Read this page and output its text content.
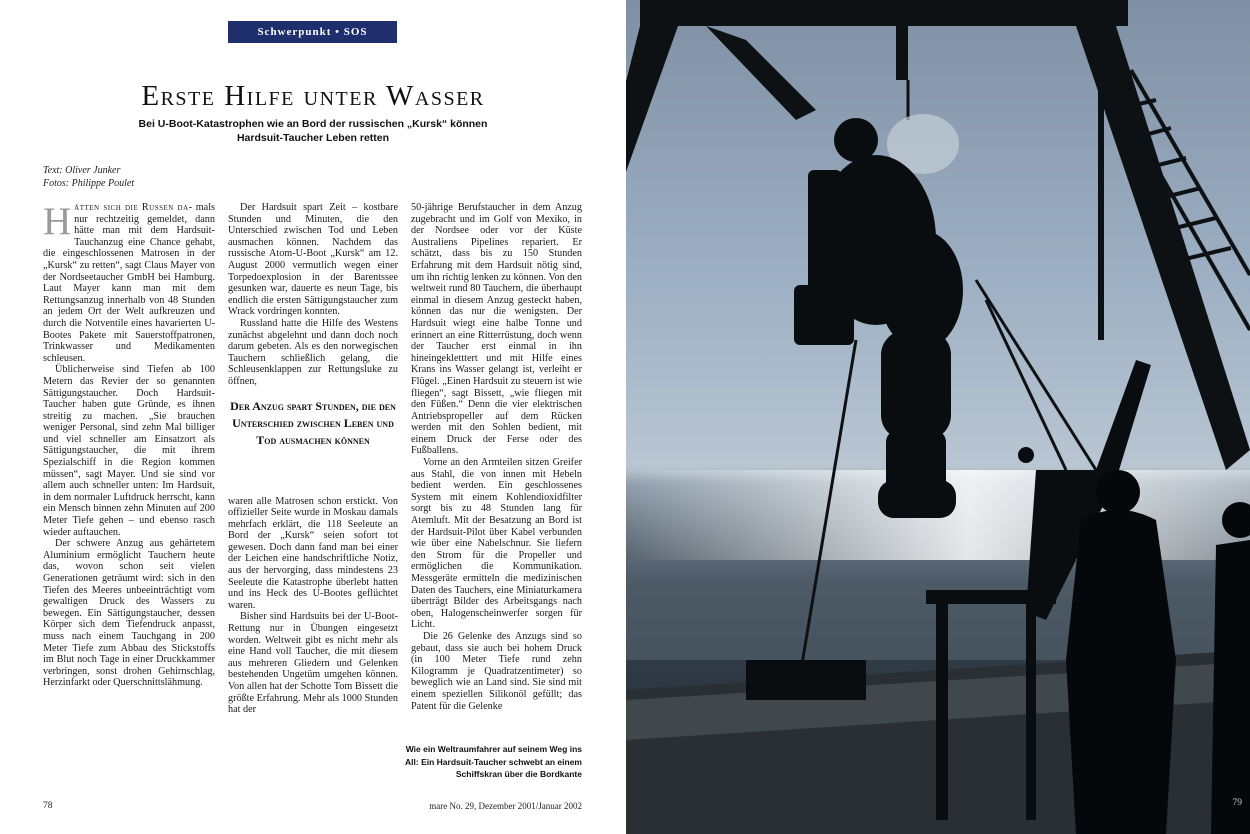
Schwerpunkt • SOS
Erste Hilfe unter Wasser

Bei U-Boot-Katastrophen wie an Bord der russischen „Kursk“ können Hardsuit-Taucher Leben retten

Text: Oliver Junker
Fotos: Philippe Poulet

Hätten sich die Russen da- mals nur rechtzeitig gemeldet, dann hätte man mit dem Hardsuit-Tauchanzug eine Chance gehabt, die eingeschlossenen Matrosen in der „Kursk“ zu retten“, sagt Claus Mayer von der Nordseetaucher GmbH bei Hamburg. Laut Mayer kann man mit dem Rettungsanzug innerhalb von 48 Stunden an jedem Ort der Welt aufkreuzen und durch die Notventile eines havarierten U-Bootes Pakete mit Sauerstoffpatronen, Trinkwasser und Medikamenten schleusen.

Üblicherweise sind Tiefen ab 100 Metern das Revier der so genannten Sättigungstaucher. Doch Hardsuit-Taucher haben gute Gründe, es ihnen streitig zu machen. „Sie brauchen weniger Personal, sind zehn Mal billiger und viel schneller am Einsatzort als Sättigungstaucher, die mit ihrem Spezialschiff in die Region kommen müssen“, sagt Mayer. Und sie sind vor allem auch schneller unten: Im Hardsuit, in dem normaler Luftdruck herrscht, kann ein Mensch binnen zehn Minuten auf 200 Meter Tiefe gehen – und ebenso rasch wieder auftauchen.

Der schwere Anzug aus gehärtetem Aluminium ermöglicht Tauchern heute das, wovon schon seit vielen Generationen geträumt wird: sich in den Tiefen des Meeres unbeeinträchtigt vom gewaltigen Druck des Wassers zu bewegen. Ein Sättigungstaucher, dessen Körper sich dem Tiefendruck anpasst, muss nach einem Tauchgang in 200 Meter Tiefe zum Abbau des Stickstoffs im Blut noch Tage in einer Druckkammer verbringen, sonst drohen Gehirnschlag, Herzinfarkt oder Querschnittslähmung.

Der Hardsuit spart Zeit – kostbare Stunden und Minuten, die den Unterschied zwischen Tod und Leben ausmachen können. Nachdem das russische Atom-U-Boot „Kursk“ am 12. August 2000 vermutlich wegen einer Torpedoexplosion in der Barentssee gesunken war, dauerte es neun Tage, bis endlich die ersten Sättigungstaucher zum Wrack vordringen konnten.

Russland hatte die Hilfe des Westens zunächst abgelehnt und dann doch noch darum gebeten. Als es den norwegischen Tauchern schließlich gelang, die Schleusenklappen zur Rettungsluke zu öffnen,

waren alle Matrosen schon erstickt. Von offizieller Seite wurde in Moskau damals mehrfach erklärt, die 118 Seeleute an Bord der „Kursk“ seien sofort tot gewesen. Doch dann fand man bei einer der Leichen eine handschriftliche Notiz, aus der hervorging, dass mindestens 23 Seeleute die Katastrophe überlebt hatten und ins Heck des U-Bootes geflüchtet waren.

Bisher sind Hardsuits bei der U-Boot-Rettung nur in Übungen eingesetzt worden. Weltweit gibt es nicht mehr als eine Hand voll Taucher, die mit diesem aus mehreren Gliedern und Gelenken bestehenden Ungetüm umgehen können. Von allen hat der Schotte Tom Bissett die größte Erfahrung. Mehr als 1000 Stunden hat der

Der Anzug spart Stunden, die den Unterschied zwischen Leben und Tod ausmachen können

50-jährige Berufstaucher in dem Anzug zugebracht und im Golf von Mexiko, in der Nordsee oder vor der Küste Australiens Pipelines repariert. Er schätzt, dass bis zu 150 Stunden Erfahrung mit dem Hardsuit nötig sind, um ihn richtig lenken zu können. Von den weltweit rund 80 Tauchern, die überhaupt einmal in diesem Anzug gesteckt haben, können das nur die wenigsten. Der Hardsuit wiegt eine halbe Tonne und erinnert an eine Ritterrüstung, doch wenn der Taucher erst einmal in ihn hineingekletttert und mit Hilfe eines Krans ins Wasser gelangt ist, verleiht er Flügel. „Einen Hardsuit zu steuern ist wie fliegen“, sagt Bissett, „wie fliegen mit den Füßen.“ Denn die vier elektrischen Antriebspropeller auf dem Rücken werden mit den Sohlen bedient, mit einem Druck der Ferse oder des Fußballens.

Vorne an den Armteilen sitzen Greifer aus Stahl, die von innen mit Hebeln bedient werden. Ein geschlossenes System mit einem Kohlendioxidfilter sorgt bis zu 48 Stunden lang für Atemluft. Mit der Besatzung an Bord ist der Hardsuit-Pilot über Kabel verbunden wie über eine Nabelschnur. Sie liefern den Strom für die Propeller und ermöglichen die Kommunikation. Messgeräte ermitteln die medizinischen Daten des Tauchers, eine Miniaturkamera überträgt Bilder des Arbeitsgangs nach oben, Halogenscheinwerfer sorgen für Licht.

Die 26 Gelenke des Anzugs sind so gebaut, dass sie auch bei hohem Druck (in 100 Meter Tiefe rund zehn Kilogramm je Quadratzentimeter) so beweglich wie an Land sind. Sie sind mit einem speziellen Silikonöl gefüllt; das Patent für die Gelenke

Wie ein Weltraumfahrer auf seinem Weg ins All: Ein Hardsuit-Taucher schwebt an einem Schiffskran über die Bordkante
78	mare No. 29, Dezember 2001/Januar 2002	79
